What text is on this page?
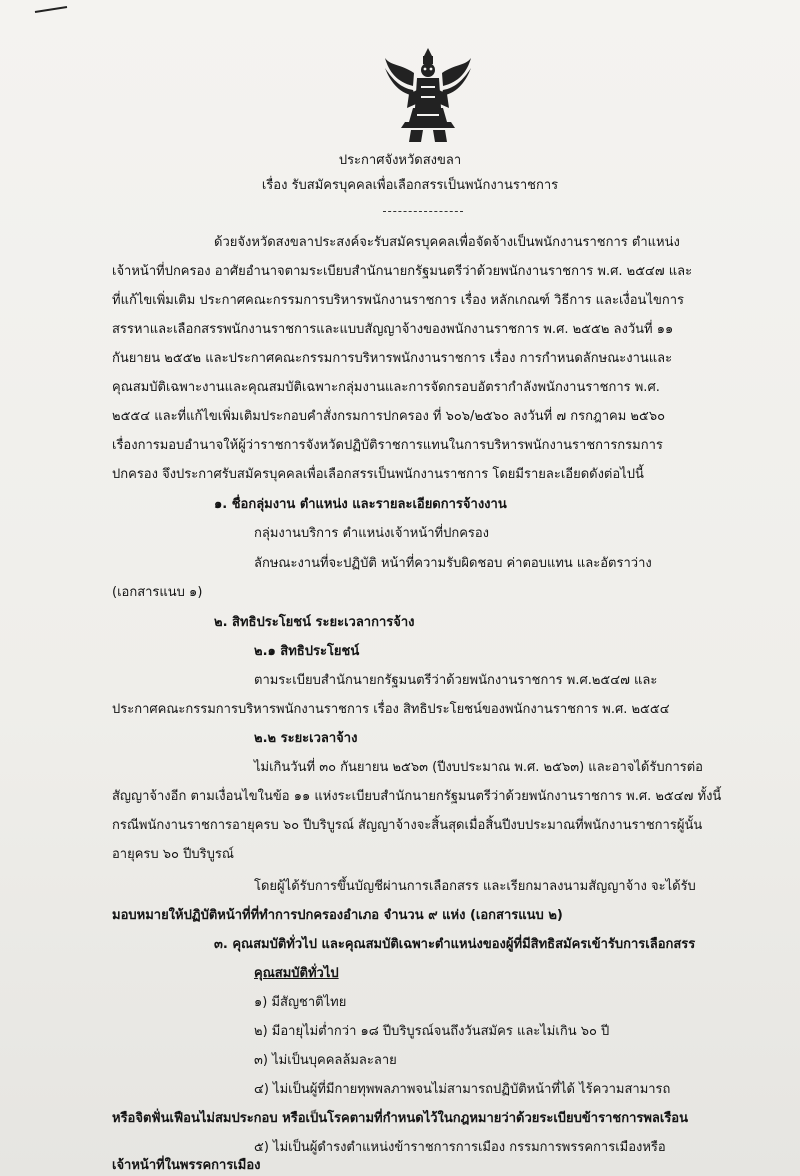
ประกาศจังหวัดสงขลา
เรื่อง รับสมัครบุคคลเพื่อเลือกสรรเป็นพนักงานราชการ
ด้วยจังหวัดสงขลาประสงค์จะรับสมัครบุคคลเพื่อจัดจ้างเป็นพนักงานราชการ ตำแหน่ง
เจ้าหน้าที่ปกครอง อาศัยอำนาจตามระเบียบสำนักนายกรัฐมนตรีว่าด้วยพนักงานราชการ พ.ศ. ๒๕๔๗ และ
ที่แก้ไขเพิ่มเติม ประกาศคณะกรรมการบริหารพนักงานราชการ เรื่อง หลักเกณฑ์ วิธีการ และเงื่อนไขการ
สรรหาและเลือกสรรพนักงานราชการและแบบสัญญาจ้างของพนักงานราชการ พ.ศ. ๒๕๕๒ ลงวันที่ ๑๑
กันยายน ๒๕๕๒ และประกาศคณะกรรมการบริหารพนักงานราชการ เรื่อง การกำหนดลักษณะงานและ
คุณสมบัติเฉพาะงานและคุณสมบัติเฉพาะกลุ่มงานและการจัดกรอบอัตรากำลังพนักงานราชการ พ.ศ.
๒๕๕๔ และที่แก้ไขเพิ่มเติมประกอบคำสั่งกรมการปกครอง ที่ ๖๐๖/๒๕๖๐ ลงวันที่ ๗ กรกฎาคม ๒๕๖๐
เรื่องการมอบอำนาจให้ผู้ว่าราชการจังหวัดปฏิบัติราชการแทนในการบริหารพนักงานราชการกรมการ
ปกครอง จึงประกาศรับสมัครบุคคลเพื่อเลือกสรรเป็นพนักงานราชการ โดยมีรายละเอียดดังต่อไปนี้
๑. ชื่อกลุ่มงาน ตำแหน่ง และรายละเอียดการจ้างงาน
กลุ่มงานบริการ ตำแหน่งเจ้าหน้าที่ปกครอง
ลักษณะงานที่จะปฏิบัติ หน้าที่ความรับผิดชอบ ค่าตอบแทน และอัตราว่าง
(เอกสารแนบ ๑)
๒. สิทธิประโยชน์ ระยะเวลาการจ้าง
๒.๑ สิทธิประโยชน์
ตามระเบียบสำนักนายกรัฐมนตรีว่าด้วยพนักงานราชการ พ.ศ.๒๕๔๗ และ
ประกาศคณะกรรมการบริหารพนักงานราชการ เรื่อง สิทธิประโยชน์ของพนักงานราชการ พ.ศ. ๒๕๕๔
๒.๒ ระยะเวลาจ้าง
ไม่เกินวันที่ ๓๐ กันยายน ๒๕๖๓ (ปีงบประมาณ พ.ศ. ๒๕๖๓) และอาจได้รับการต่อ
สัญญาจ้างอีก ตามเงื่อนไขในข้อ ๑๑ แห่งระเบียบสำนักนายกรัฐมนตรีว่าด้วยพนักงานราชการ พ.ศ. ๒๕๔๗ ทั้งนี้
กรณีพนักงานราชการอายุครบ ๖๐ ปีบริบูรณ์ สัญญาจ้างจะสิ้นสุดเมื่อสิ้นปีงบประมาณที่พนักงานราชการผู้นั้น
อายุครบ ๖๐ ปีบริบูรณ์
โดยผู้ได้รับการขึ้นบัญชีผ่านการเลือกสรร และเรียกมาลงนามสัญญาจ้าง จะได้รับ
มอบหมายให้ปฏิบัติหน้าที่ที่ทำการปกครองอำเภอ จำนวน ๙ แห่ง (เอกสารแนบ ๒)
๓. คุณสมบัติทั่วไป และคุณสมบัติเฉพาะตำแหน่งของผู้ที่มีสิทธิสมัครเข้ารับการเลือกสรร
คุณสมบัติทั่วไป
๑) มีสัญชาติไทย
๒) มีอายุไม่ต่ำกว่า ๑๘ ปีบริบูรณ์จนถึงวันสมัคร และไม่เกิน ๖๐ ปี
๓) ไม่เป็นบุคคลล้มละลาย
๔) ไม่เป็นผู้ที่มีกายทุพพลภาพจนไม่สามารถปฏิบัติหน้าที่ได้ ไร้ความสามารถ
หรือจิตฟั่นเฟือนไม่สมประกอบ หรือเป็นโรคตามที่กำหนดไว้ในกฎหมายว่าด้วยระเบียบข้าราชการพลเรือน
๕) ไม่เป็นผู้ดำรงตำแหน่งข้าราชการการเมือง กรรมการพรรคการเมืองหรือ
เจ้าหน้าที่ในพรรคการเมือง
